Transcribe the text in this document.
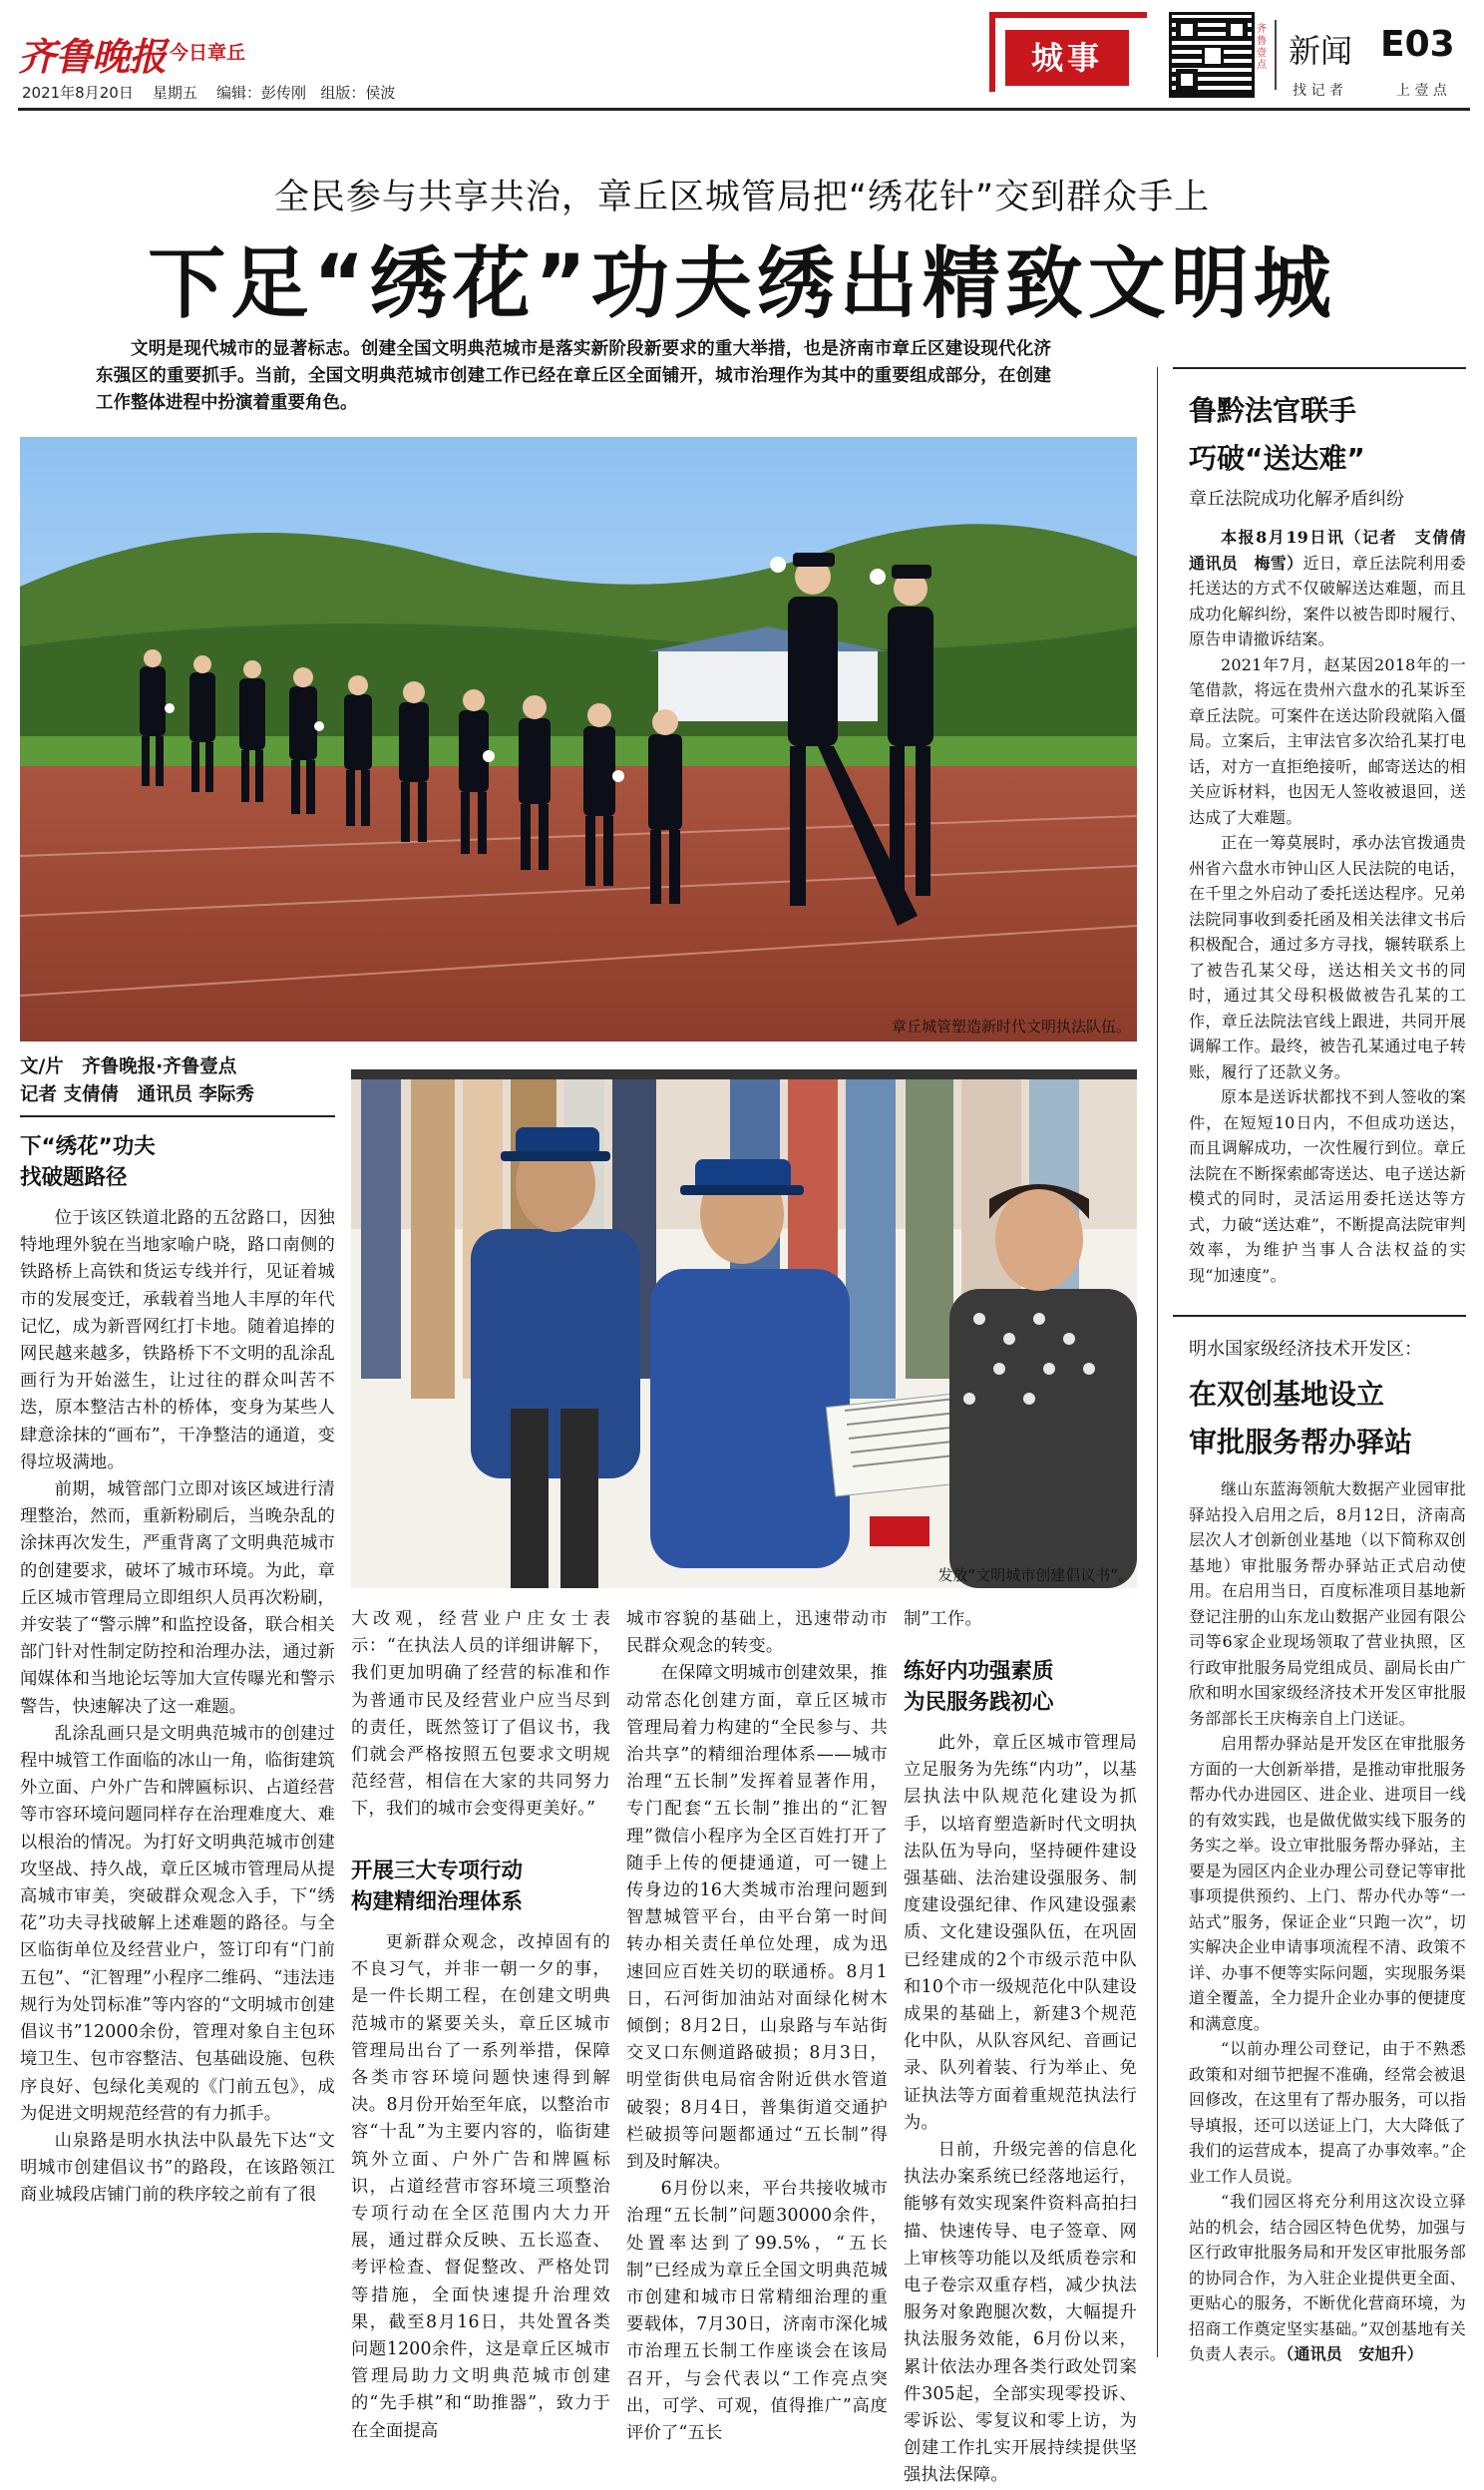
齐鲁晚报 今日章丘
2021年8月20日 星期五 编辑：彭传刚 组版：侯波
城事
齐鲁壹点 新闻 E03
找 记 者	上 壹 点
全民参与共享共治，章丘区城管局把“绣花针”交到群众手上
下足“绣花”功夫绣出精致文明城
文明是现代城市的显著标志。创建全国文明典范城市是落实新阶段新要求的重大举措，也是济南市章丘区建设现代化济东强区的重要抓手。当前，全国文明典范城市创建工作已经在章丘区全面铺开，城市治理作为其中的重要组成部分，在创建工作整体进程中扮演着重要角色。
章丘城管塑造新时代文明执法队伍。
文/片　齐鲁晚报·齐鲁壹点
记者 支倩倩　通讯员 李际秀
发放“文明城市创建倡议书”。
下“绣花”功夫
找破题路径

位于该区铁道北路的五岔路口，因独特地理外貌在当地家喻户晓，路口南侧的铁路桥上高铁和货运专线并行，见证着城市的发展变迁，承载着当地人丰厚的年代记忆，成为新晋网红打卡地。随着追捧的网民越来越多，铁路桥下不文明的乱涂乱画行为开始滋生，让过往的群众叫苦不迭，原本整洁古朴的桥体，变身为某些人肆意涂抹的“画布”，干净整洁的通道，变得垃圾满地。

前期，城管部门立即对该区域进行清理整治，然而，重新粉刷后，当晚杂乱的涂抹再次发生，严重背离了文明典范城市的创建要求，破坏了城市环境。为此，章丘区城市管理局立即组织人员再次粉刷，并安装了“警示牌”和监控设备，联合相关部门针对性制定防控和治理办法，通过新闻媒体和当地论坛等加大宣传曝光和警示警告，快速解决了这一难题。

乱涂乱画只是文明典范城市的创建过程中城管工作面临的冰山一角，临街建筑外立面、户外广告和牌匾标识、占道经营等市容环境问题同样存在治理难度大、难以根治的情况。为打好文明典范城市创建攻坚战、持久战，章丘区城市管理局从提高城市审美，突破群众观念入手，下“绣花”功夫寻找破解上述难题的路径。与全区临街单位及经营业户，签订印有“门前五包”、“汇智理”小程序二维码、“违法违规行为处罚标准”等内容的“文明城市创建倡议书”12000余份，管理对象自主包环境卫生、包市容整洁、包基础设施、包秩序良好、包绿化美观的《门前五包》，成为促进文明规范经营的有力抓手。

山泉路是明水执法中队最先下达“文明城市创建倡议书”的路段，在该路领江商业城段店铺门前的秩序较之前有了很

大改观，经营业户庄女士表示：“在执法人员的详细讲解下，我们更加明确了经营的标准和作为普通市民及经营业户应当尽到的责任，既然签订了倡议书，我们就会严格按照五包要求文明规范经营，相信在大家的共同努力下，我们的城市会变得更美好。”

开展三大专项行动
构建精细治理体系

更新群众观念，改掉固有的不良习气，并非一朝一夕的事，是一件长期工程，在创建文明典范城市的紧要关头，章丘区城市管理局出台了一系列举措，保障各类市容环境问题快速得到解决。8月份开始至年底，以整治市容“十乱”为主要内容的，临街建筑外立面、户外广告和牌匾标识，占道经营市容环境三项整治专项行动在全区范围内大力开展，通过群众反映、五长巡查、考评检查、督促整改、严格处罚等措施，全面快速提升治理效果，截至8月16日，共处置各类问题1200余件，这是章丘区城市管理局助力文明典范城市创建的“先手棋”和“助推器”，致力于在全面提高

城市容貌的基础上，迅速带动市民群众观念的转变。

在保障文明城市创建效果，推动常态化创建方面，章丘区城市管理局着力构建的“全民参与、共治共享”的精细治理体系——城市治理“五长制”发挥着显著作用，专门配套“五长制”推出的“汇智理”微信小程序为全区百姓打开了随手上传的便捷通道，可一键上传身边的16大类城市治理问题到智慧城管平台，由平台第一时间转办相关责任单位处理，成为迅速回应百姓关切的联通桥。8月1日，石河街加油站对面绿化树木倾倒；8月2日，山泉路与车站街交叉口东侧道路破损；8月3日，明堂街供电局宿舍附近供水管道破裂；8月4日，普集街道交通护栏破损等问题都通过“五长制”得到及时解决。

6月份以来，平台共接收城市治理“五长制”问题30000余件，处置率达到了99.5%，“五长制”已经成为章丘全国文明典范城市创建和城市日常精细治理的重要载体，7月30日，济南市深化城市治理五长制工作座谈会在该局召开，与会代表以“工作亮点突出，可学、可观，值得推广”高度评价了“五长

制”工作。

练好内功强素质
为民服务践初心

此外，章丘区城市管理局立足服务为先练“内功”，以基层执法中队规范化建设为抓手，以培育塑造新时代文明执法队伍为导向，坚持硬件建设强基础、法治建设强服务、制度建设强纪律、作风建设强素质、文化建设强队伍，在巩固已经建成的2个市级示范中队和10个市一级规范化中队建设成果的基础上，新建3个规范化中队，从队容风纪、音画记录、队列着装、行为举止、免证执法等方面着重规范执法行为。

日前，升级完善的信息化执法办案系统已经落地运行，能够有效实现案件资料高拍扫描、快速传导、电子签章、网上审核等功能以及纸质卷宗和电子卷宗双重存档，减少执法服务对象跑腿次数，大幅提升执法服务效能，6月份以来，累计依法办理各类行政处罚案件305起，全部实现零投诉、零诉讼、零复议和零上访，为创建工作扎实开展持续提供坚强执法保障。

鲁黔法官联手
巧破“送达难”
章丘法院成功化解矛盾纠纷

本报8月19日讯（记者　支倩倩　通讯员　梅雪）近日，章丘法院利用委托送达的方式不仅破解送达难题，而且成功化解纠纷，案件以被告即时履行、原告申请撤诉结案。

2021年7月，赵某因2018年的一笔借款，将远在贵州六盘水的孔某诉至章丘法院。可案件在送达阶段就陷入僵局。立案后，主审法官多次给孔某打电话，对方一直拒绝接听，邮寄送达的相关应诉材料，也因无人签收被退回，送达成了大难题。

正在一筹莫展时，承办法官拨通贵州省六盘水市钟山区人民法院的电话，在千里之外启动了委托送达程序。兄弟法院同事收到委托函及相关法律文书后积极配合，通过多方寻找，辗转联系上了被告孔某父母，送达相关文书的同时，通过其父母积极做被告孔某的工作，章丘法院法官线上跟进，共同开展调解工作。最终，被告孔某通过电子转账，履行了还款义务。

原本是送诉状都找不到人签收的案件，在短短10日内，不但成功送达，而且调解成功，一次性履行到位。章丘法院在不断探索邮寄送达、电子送达新模式的同时，灵活运用委托送达等方式，力破“送达难”，不断提高法院审判效率，为维护当事人合法权益的实现“加速度”。

明水国家级经济技术开发区：
在双创基地设立
审批服务帮办驿站

继山东蓝海领航大数据产业园审批驿站投入启用之后，8月12日，济南高层次人才创新创业基地（以下简称双创基地）审批服务帮办驿站正式启动使用。在启用当日，百度标准项目基地新登记注册的山东龙山数据产业园有限公司等6家企业现场领取了营业执照，区行政审批服务局党组成员、副局长由广欣和明水国家级经济技术开发区审批服务部部长王庆梅亲自上门送证。

启用帮办驿站是开发区在审批服务方面的一大创新举措，是推动审批服务帮办代办进园区、进企业、进项目一线的有效实践，也是做优做实线下服务的务实之举。设立审批服务帮办驿站，主要是为园区内企业办理公司登记等审批事项提供预约、上门、帮办代办等“一站式”服务，保证企业“只跑一次”，切实解决企业申请事项流程不清、政策不详、办事不便等实际问题，实现服务渠道全覆盖，全力提升企业办事的便捷度和满意度。

“以前办理公司登记，由于不熟悉政策和对细节把握不准确，经常会被退回修改，在这里有了帮办服务，可以指导填报，还可以送证上门，大大降低了我们的运营成本，提高了办事效率。”企业工作人员说。

“我们园区将充分利用这次设立驿站的机会，结合园区特色优势，加强与区行政审批服务局和开发区审批服务部的协同合作，为入驻企业提供更全面、更贴心的服务，不断优化营商环境，为招商工作奠定坚实基础。”双创基地有关负责人表示。（通讯员　安旭升）
